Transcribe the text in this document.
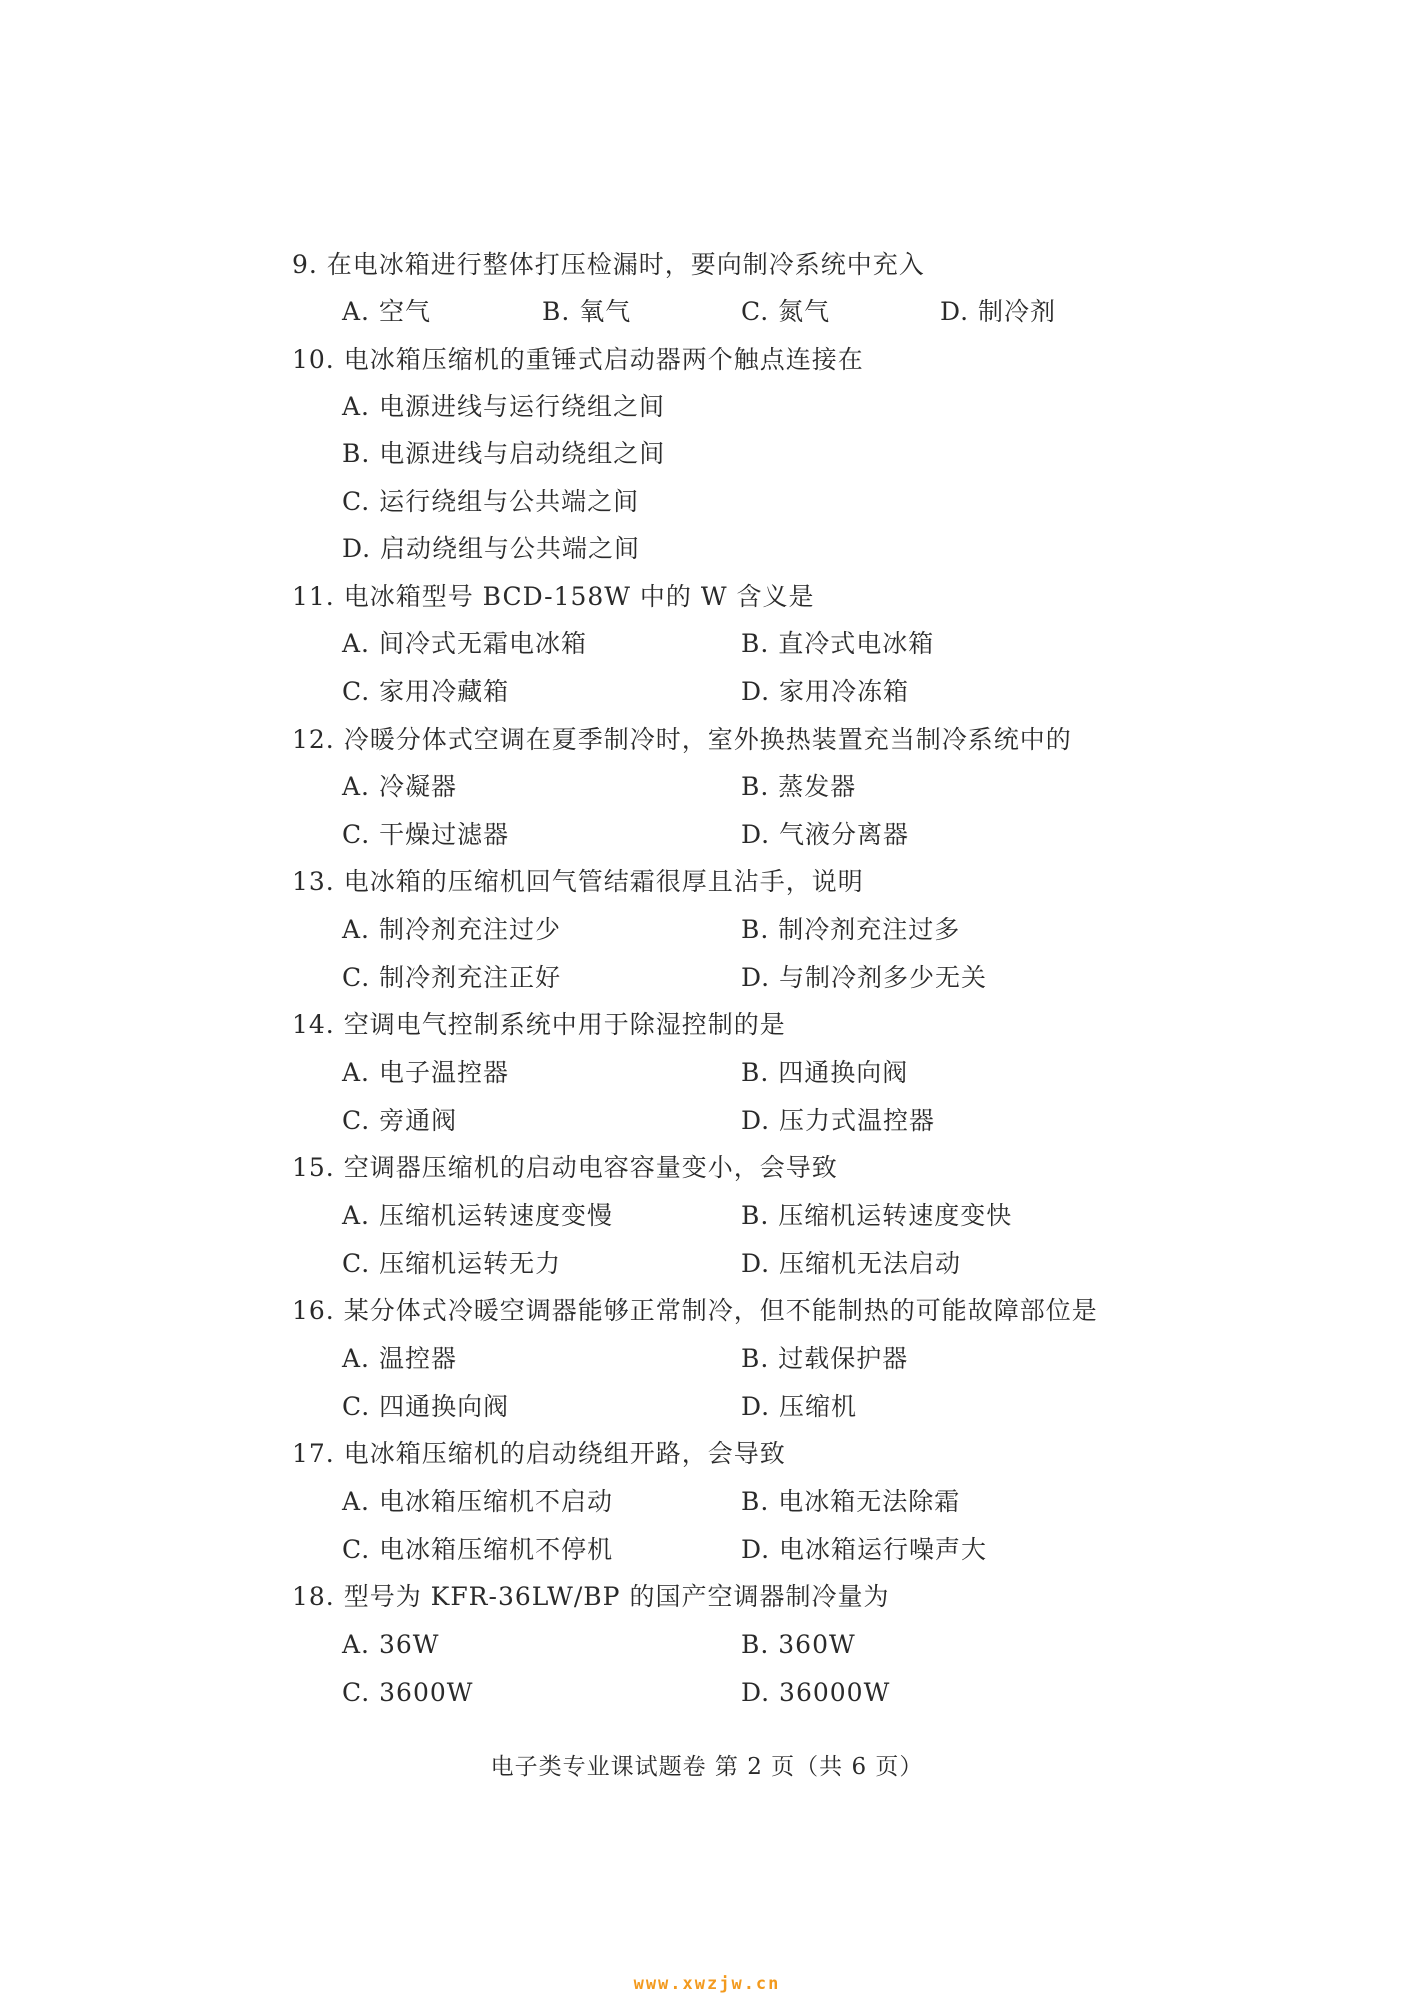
9. 在电冰箱进行整体打压检漏时，要向制冷系统中充入
A. 空气	B. 氧气	C. 氮气	D. 制冷剂
10. 电冰箱压缩机的重锤式启动器两个触点连接在
A. 电源进线与运行绕组之间
B. 电源进线与启动绕组之间
C. 运行绕组与公共端之间
D. 启动绕组与公共端之间
11. 电冰箱型号 BCD-158W 中的 W 含义是
A. 间冷式无霜电冰箱	B. 直冷式电冰箱
C. 家用冷藏箱	D. 家用冷冻箱
12. 冷暖分体式空调在夏季制冷时，室外换热装置充当制冷系统中的
A. 冷凝器	B. 蒸发器
C. 干燥过滤器	D. 气液分离器
13. 电冰箱的压缩机回气管结霜很厚且沾手，说明
A. 制冷剂充注过少	B. 制冷剂充注过多
C. 制冷剂充注正好	D. 与制冷剂多少无关
14. 空调电气控制系统中用于除湿控制的是
A. 电子温控器	B. 四通换向阀
C. 旁通阀	D. 压力式温控器
15. 空调器压缩机的启动电容容量变小，会导致
A. 压缩机运转速度变慢	B. 压缩机运转速度变快
C. 压缩机运转无力	D. 压缩机无法启动
16. 某分体式冷暖空调器能够正常制冷，但不能制热的可能故障部位是
A. 温控器	B. 过载保护器
C. 四通换向阀	D. 压缩机
17. 电冰箱压缩机的启动绕组开路，会导致
A. 电冰箱压缩机不启动	B. 电冰箱无法除霜
C. 电冰箱压缩机不停机	D. 电冰箱运行噪声大
18. 型号为 KFR-36LW/BP 的国产空调器制冷量为
A. 36W	B. 360W
C. 3600W	D. 36000W
电子类专业课试题卷 第 2 页（共 6 页）
www.xwzjw.cn
